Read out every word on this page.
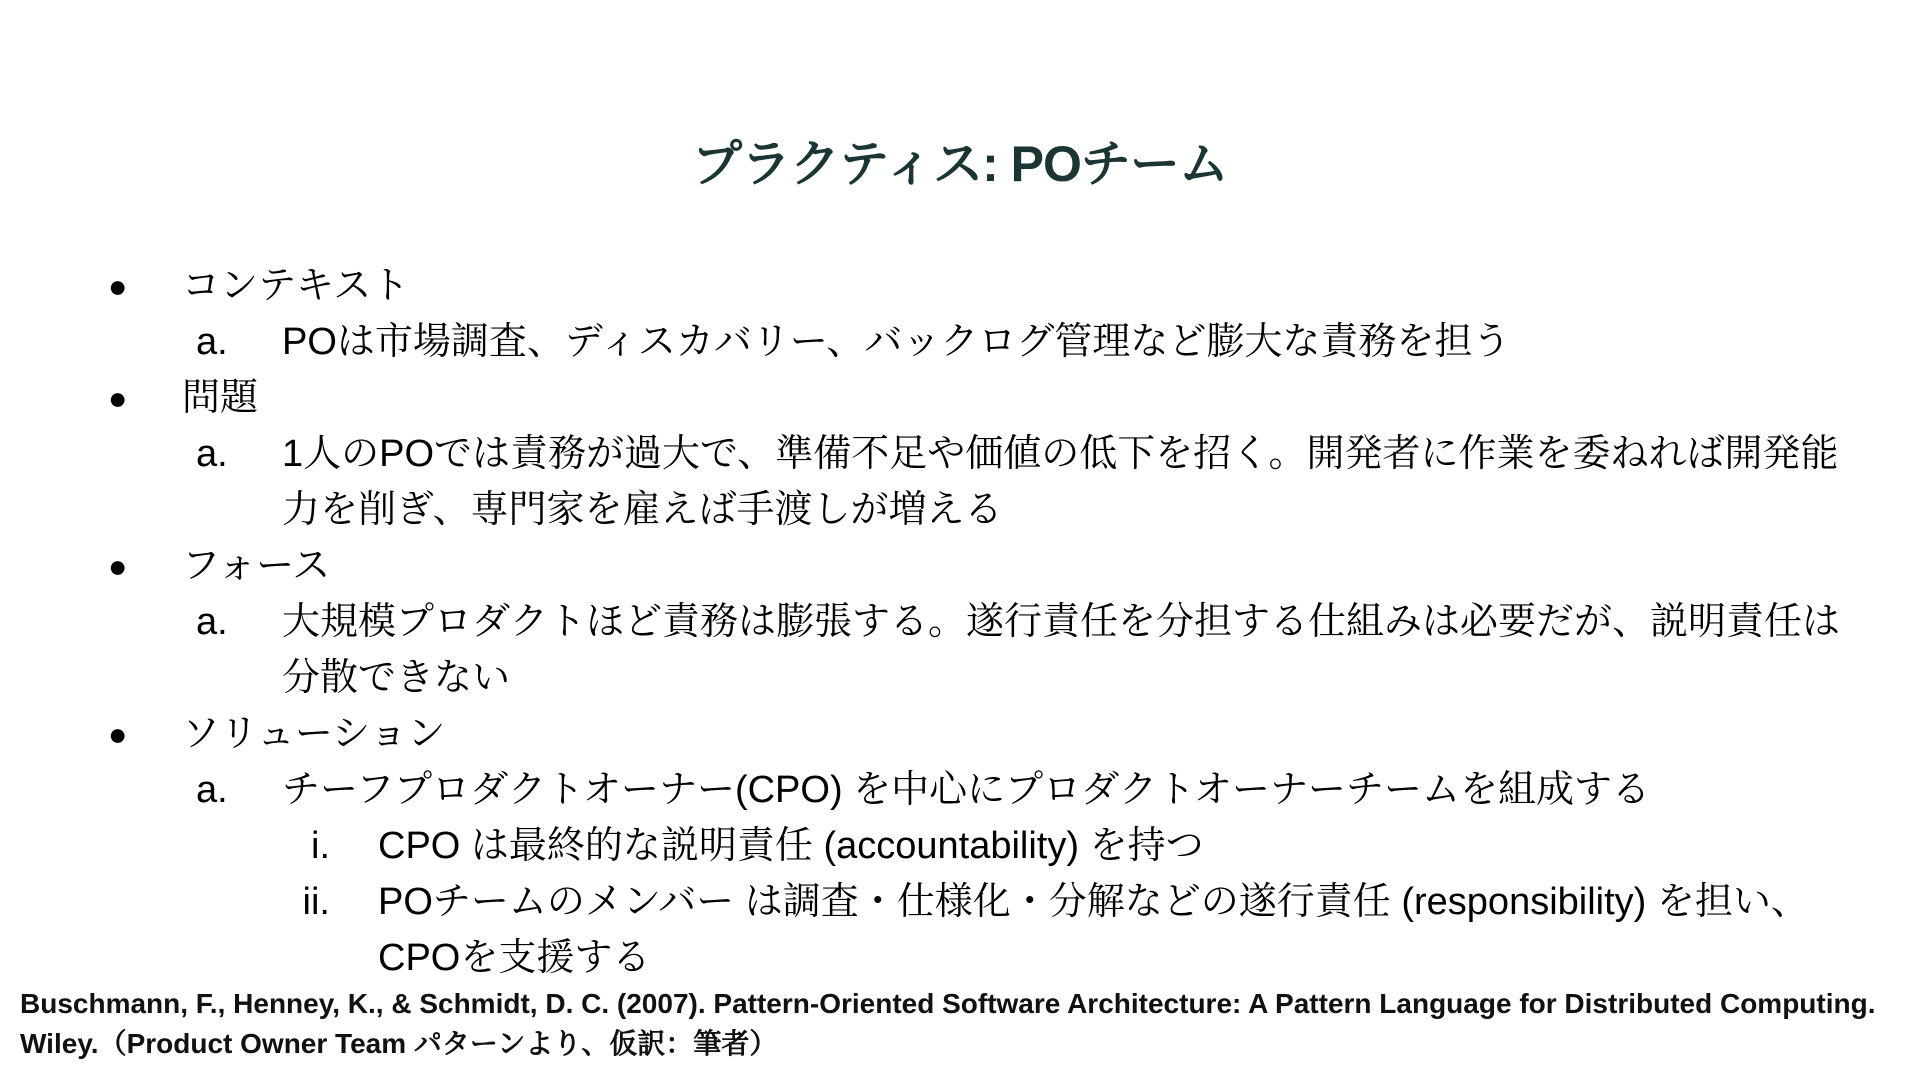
プラクティス: POチーム
● コンテキスト
a. POは市場調査、ディスカバリー、バックログ管理など膨大な責務を担う
● 問題
a. 1人のPOでは責務が過大で、準備不足や価値の低下を招く。開発者に作業を委ねれば開発能力を削ぎ、専門家を雇えば手渡しが増える
● フォース
a. 大規模プロダクトほど責務は膨張する。遂行責任を分担する仕組みは必要だが、説明責任は分散できない
● ソリューション
a. チーフプロダクトオーナー(CPO) を中心にプロダクトオーナーチームを組成する
i. CPO は最終的な説明責任 (accountability) を持つ
ii. POチームのメンバー は調査・仕様化・分解などの遂行責任 (responsibility) を担い、CPOを支援する
Buschmann, F., Henney, K., & Schmidt, D. C. (2007). Pattern-Oriented Software Architecture: A Pattern Language for Distributed Computing. Wiley.（Product Owner Team パターンより、仮訳：筆者）
